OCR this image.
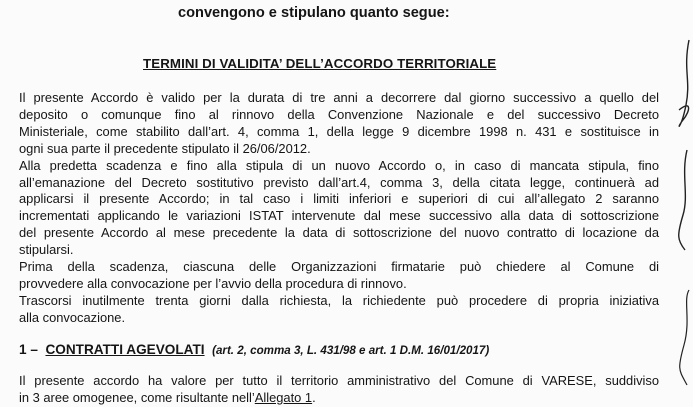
convengono e stipulano quanto segue:
TERMINI DI VALIDITA’ DELL’ACCORDO TERRITORIALE
Il presente Accordo è valido per la durata di tre anni a decorrere dal giorno successivo a quello del
deposito o comunque fino al rinnovo della Convenzione Nazionale e del successivo Decreto
Ministeriale, come stabilito dall’art. 4, comma 1, della legge 9 dicembre 1998 n. 431 e sostituisce in
ogni sua parte il precedente stipulato il 26/06/2012.
Alla predetta scadenza e fino alla stipula di un nuovo Accordo o, in caso di mancata stipula, fino
all’emanazione del Decreto sostitutivo previsto dall’art.4, comma 3, della citata legge, continuerà ad
applicarsi il presente Accordo; in tal caso i limiti inferiori e superiori di cui all’allegato 2 saranno
incrementati applicando le variazioni ISTAT intervenute dal mese successivo alla data di sottoscrizione
del presente Accordo al mese precedente la data di sottoscrizione del nuovo contratto di locazione da
stipularsi.
Prima della scadenza, ciascuna delle Organizzazioni firmatarie può chiedere al Comune di
provvedere alla convocazione per l’avvio della procedura di rinnovo.
Trascorsi inutilmente trenta giorni dalla richiesta, la richiedente può procedere di propria iniziativa
alla convocazione.
1 – CONTRATTI AGEVOLATI (art. 2, comma 3, L. 431/98 e art. 1 D.M. 16/01/2017)
Il presente accordo ha valore per tutto il territorio amministrativo del Comune di VARESE, suddiviso
in 3 aree omogenee, come risultante nell’Allegato 1.
